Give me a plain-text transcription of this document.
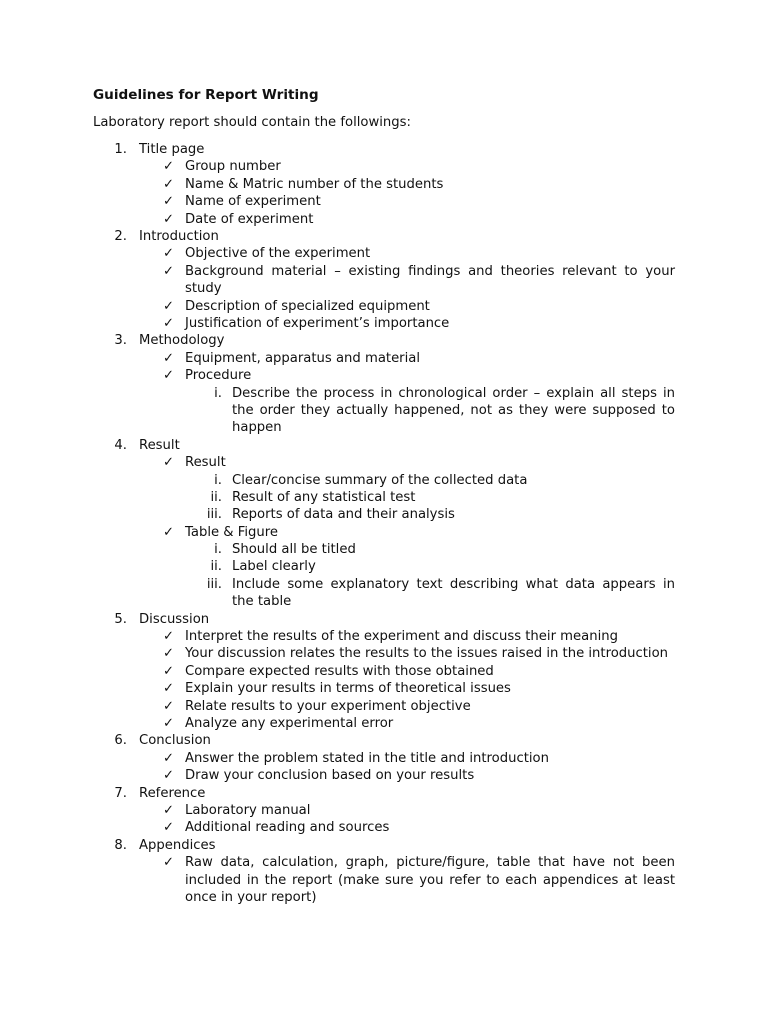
Guidelines for Report Writing
Laboratory report should contain the followings:
1. Title page
✓ Group number
✓ Name & Matric number of the students
✓ Name of experiment
✓ Date of experiment
2. Introduction
✓ Objective of the experiment
✓ Background material – existing findings and theories relevant to your study
✓ Description of specialized equipment
✓ Justification of experiment’s importance
3. Methodology
✓ Equipment, apparatus and material
✓ Procedure
i. Describe the process in chronological order – explain all steps in the order they actually happened, not as they were supposed to happen
4. Result
✓ Result
i. Clear/concise summary of the collected data
ii. Result of any statistical test
iii. Reports of data and their analysis
✓ Table & Figure
i. Should all be titled
ii. Label clearly
iii. Include some explanatory text describing what data appears in the table
5. Discussion
✓ Interpret the results of the experiment and discuss their meaning
✓ Your discussion relates the results to the issues raised in the introduction
✓ Compare expected results with those obtained
✓ Explain your results in terms of theoretical issues
✓ Relate results to your experiment objective
✓ Analyze any experimental error
6. Conclusion
✓ Answer the problem stated in the title and introduction
✓ Draw your conclusion based on your results
7. Reference
✓ Laboratory manual
✓ Additional reading and sources
8. Appendices
✓ Raw data, calculation, graph, picture/figure, table that have not been included in the report (make sure you refer to each appendices at least once in your report)
